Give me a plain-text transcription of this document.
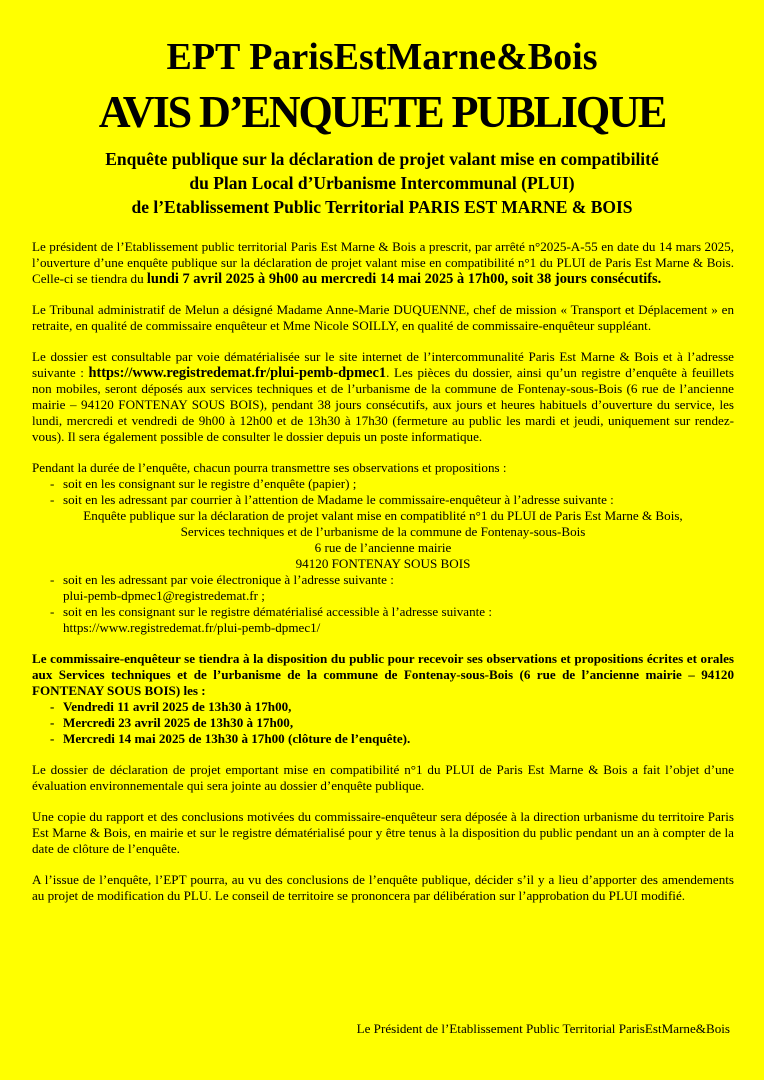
EPT ParisEstMarne&Bois
AVIS D’ENQUETE PUBLIQUE
Enquête publique sur la déclaration de projet valant mise en compatibilité
du Plan Local d’Urbanisme Intercommunal (PLUI)
de l’Etablissement Public Territorial PARIS EST MARNE & BOIS

Le président de l’Etablissement public territorial Paris Est Marne & Bois a prescrit, par arrêté n°2025-A-55 en date du 14 mars 2025, l’ouverture d’une enquête publique sur la déclaration de projet valant mise en compatibilité n°1 du PLUI de Paris Est Marne & Bois. Celle-ci se tiendra du lundi 7 avril 2025 à 9h00 au mercredi 14 mai 2025 à 17h00, soit 38 jours consécutifs.

Le Tribunal administratif de Melun a désigné Madame Anne-Marie DUQUENNE, chef de mission « Transport et Déplacement » en retraite, en qualité de commissaire enquêteur et Mme Nicole SOILLY, en qualité de commissaire-enquêteur suppléant.

Le dossier est consultable par voie dématérialisée sur le site internet de l’intercommunalité Paris Est Marne & Bois et à l’adresse suivante : https://www.registredemat.fr/plui-pemb-dpmec1. Les pièces du dossier, ainsi qu’un registre d’enquête à feuillets non mobiles, seront déposés aux services techniques et de l’urbanisme de la commune de Fontenay-sous-Bois (6 rue de l’ancienne mairie – 94120 FONTENAY SOUS BOIS), pendant 38 jours consécutifs, aux jours et heures habituels d’ouverture du service, les lundi, mercredi et vendredi de 9h00 à 12h00 et de 13h30 à 17h30 (fermeture au public les mardi et jeudi, uniquement sur rendez-vous). Il sera également possible de consulter le dossier depuis un poste informatique.

Pendant la durée de l’enquête, chacun pourra transmettre ses observations et propositions :
- soit en les consignant sur le registre d’enquête (papier) ;
- soit en les adressant par courrier à l’attention de Madame le commissaire-enquêteur à l’adresse suivante :
Enquête publique sur la déclaration de projet valant mise en compatiblité n°1 du PLUI de Paris Est Marne & Bois,
Services techniques et de l’urbanisme de la commune de Fontenay-sous-Bois
6 rue de l’ancienne mairie
94120 FONTENAY SOUS BOIS
- soit en les adressant par voie électronique à l’adresse suivante :
plui-pemb-dpmec1@registredemat.fr ;
- soit en les consignant sur le registre dématérialisé accessible à l’adresse suivante :
https://www.registredemat.fr/plui-pemb-dpmec1/
Le commissaire-enquêteur se tiendra à la disposition du public pour recevoir ses observations et propositions écrites et orales aux Services techniques et de l’urbanisme de la commune de Fontenay-sous-Bois (6 rue de l’ancienne mairie – 94120 FONTENAY SOUS BOIS) les :
- Vendredi 11 avril 2025 de 13h30 à 17h00,
- Mercredi 23 avril 2025 de 13h30 à 17h00,
- Mercredi 14 mai 2025 de 13h30 à 17h00 (clôture de l’enquête).

Le dossier de déclaration de projet emportant mise en compatibilité n°1 du PLUI de Paris Est Marne & Bois a fait l’objet d’une évaluation environnementale qui sera jointe au dossier d’enquête publique.

Une copie du rapport et des conclusions motivées du commissaire-enquêteur sera déposée à la direction urbanisme du territoire Paris Est Marne & Bois, en mairie et sur le registre dématérialisé pour y être tenus à la disposition du public pendant un an à compter de la date de clôture de l’enquête.

A l’issue de l’enquête, l’EPT pourra, au vu des conclusions de l’enquête publique, décider s’il y a lieu d’apporter des amendements au projet de modification du PLU. Le conseil de territoire se prononcera par délibération sur l’approbation du PLUI modifié.

Le Président de l’Etablissement Public Territorial ParisEstMarne&Bois
